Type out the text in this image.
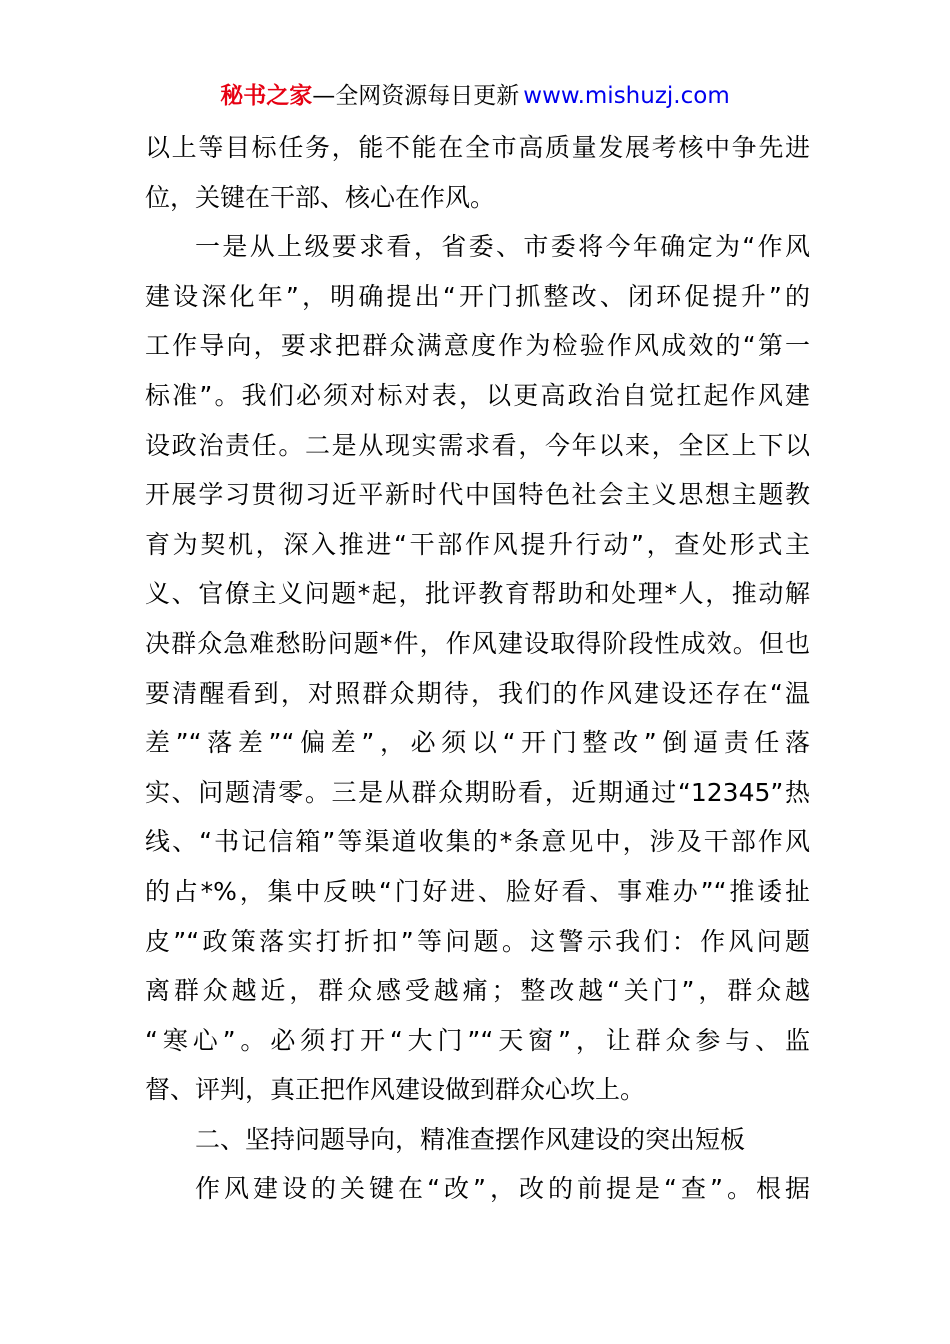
秘书之家—全网资源每日更新 www.mishuzj.com
以上等目标任务，能不能在全市高质量发展考核中争先进
位，关键在干部、核心在作风。
一是从上级要求看，省委、市委将今年确定为“作风
建设深化年”，明确提出“开门抓整改、闭环促提升”的
工作导向，要求把群众满意度作为检验作风成效的“第一
标准”。我们必须对标对表，以更高政治自觉扛起作风建
设政治责任。二是从现实需求看，今年以来，全区上下以
开展学习贯彻习近平新时代中国特色社会主义思想主题教
育为契机，深入推进“干部作风提升行动”，查处形式主
义、官僚主义问题*起，批评教育帮助和处理*人，推动解
决群众急难愁盼问题*件，作风建设取得阶段性成效。但也
要清醒看到，对照群众期待，我们的作风建设还存在“温
差”“落差”“偏差”，必须以“开门整改”倒逼责任落
实、问题清零。三是从群众期盼看，近期通过“12345”热
线、“书记信箱”等渠道收集的*条意见中，涉及干部作风
的占*%，集中反映“门好进、脸好看、事难办”“推诿扯
皮”“政策落实打折扣”等问题。这警示我们：作风问题
离群众越近，群众感受越痛；整改越“关门”，群众越
“寒心”。必须打开“大门”“天窗”，让群众参与、监
督、评判，真正把作风建设做到群众心坎上。
二、坚持问题导向，精准查摆作风建设的突出短板
作风建设的关键在“改”，改的前提是“查”。根据
